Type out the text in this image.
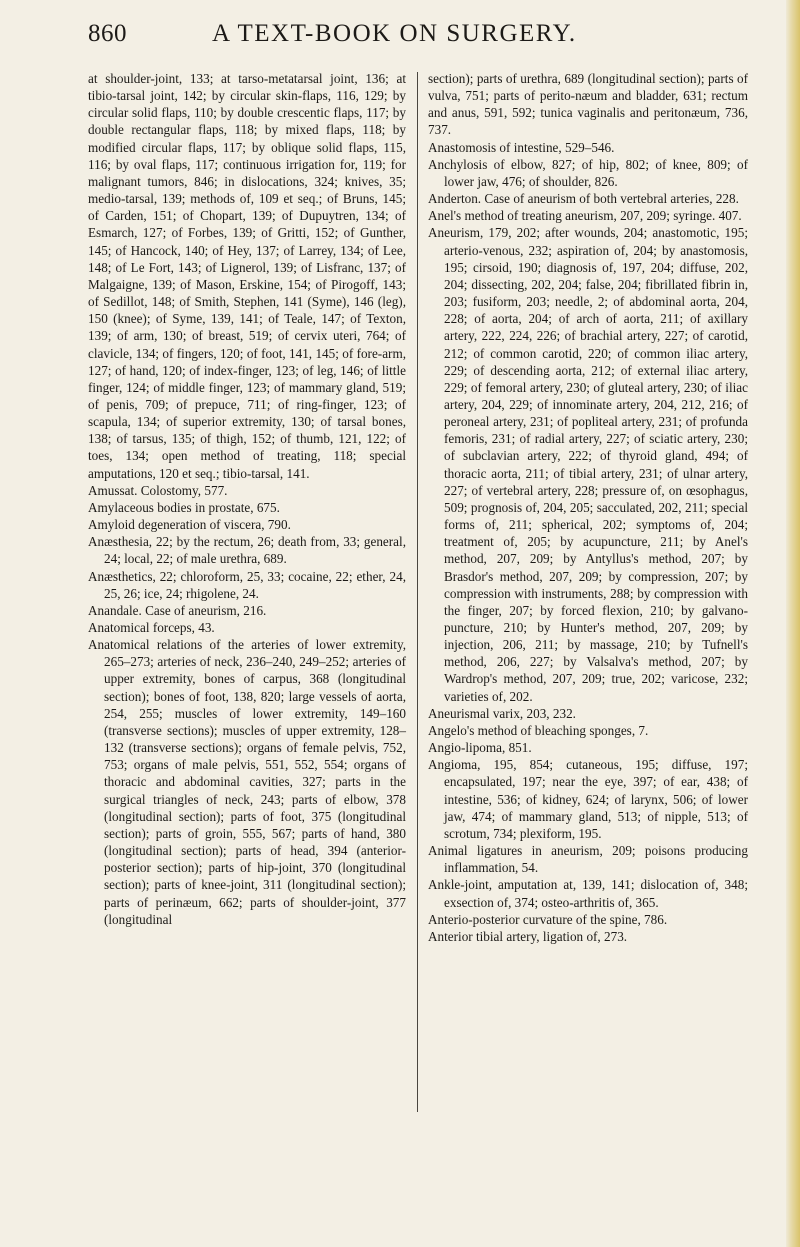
860	A TEXT-BOOK ON SURGERY.
at shoulder-joint, 133; at tarso-metatarsal joint, 136; at tibio-tarsal joint, 142; by circular skin-flaps, 116, 129; by circular solid flaps, 110; by double crescentic flaps, 117; by double rectangular flaps, 118; by mixed flaps, 118; by modified circular flaps, 117; by oblique solid flaps, 115, 116; by oval flaps, 117; continuous irrigation for, 119; for malignant tumors, 846; in dislocations, 324; knives, 35; medio-tarsal, 139; methods of, 109 et seq.; of Bruns, 145; of Carden, 151; of Chopart, 139; of Dupuytren, 134; of Esmarch, 127; of Forbes, 139; of Gritti, 152; of Gunther, 145; of Hancock, 140; of Hey, 137; of Larrey, 134; of Lee, 148; of Le Fort, 143; of Lignerol, 139; of Lisfranc, 137; of Malgaigne, 139; of Mason, Erskine, 154; of Pirogoff, 143; of Sedillot, 148; of Smith, Stephen, 141 (Syme), 146 (leg), 150 (knee); of Syme, 139, 141; of Teale, 147; of Texton, 139; of arm, 130; of breast, 519; of cervix uteri, 764; of clavicle, 134; of fingers, 120; of foot, 141, 145; of fore-arm, 127; of hand, 120; of index-finger, 123; of leg, 146; of little finger, 124; of middle finger, 123; of mammary gland, 519; of penis, 709; of prepuce, 711; of ring-finger, 123; of scapula, 134; of superior extremity, 130; of tarsal bones, 138; of tarsus, 135; of thigh, 152; of thumb, 121, 122; of toes, 134; open method of treating, 118; special amputations, 120 et seq.; tibio-tarsal, 141.
Amussat. Colostomy, 577.
Amylaceous bodies in prostate, 675.
Amyloid degeneration of viscera, 790.
Anæsthesia, 22; by the rectum, 26; death from, 33; general, 24; local, 22; of male urethra, 689.
Anæsthetics, 22; chloroform, 25, 33; cocaine, 22; ether, 24, 25, 26; ice, 24; rhigolene, 24.
Anandale. Case of aneurism, 216.
Anatomical forceps, 43.
Anatomical relations of the arteries of lower extremity, 265–273; arteries of neck, 236–240, 249–252; arteries of upper extremity, bones of carpus, 368 (longitudinal section); bones of foot, 138, 820; large vessels of aorta, 254, 255; muscles of lower extremity, 149–160 (transverse sections); muscles of upper extremity, 128–132 (transverse sections); organs of female pelvis, 752, 753; organs of male pelvis, 551, 552, 554; organs of thoracic and abdominal cavities, 327; parts in the surgical triangles of neck, 243; parts of elbow, 378 (longitudinal section); parts of foot, 375 (longitudinal section); parts of groin, 555, 567; parts of hand, 380 (longitudinal section); parts of head, 394 (anterior-posterior section); parts of hip-joint, 370 (longitudinal section); parts of knee-joint, 311 (longitudinal section); parts of perinæum, 662; parts of shoulder-joint, 377 (longitudinal
section); parts of urethra, 689 (longitudinal section); parts of vulva, 751; parts of perito-næum and bladder, 631; rectum and anus, 591, 592; tunica vaginalis and peritonæum, 736, 737.
Anastomosis of intestine, 529–546.
Anchylosis of elbow, 827; of hip, 802; of knee, 809; of lower jaw, 476; of shoulder, 826.
Anderton. Case of aneurism of both vertebral arteries, 228.
Anel's method of treating aneurism, 207, 209; syringe. 407.
Aneurism, 179, 202; after wounds, 204; anastomotic, 195; arterio-venous, 232; aspiration of, 204; by anastomosis, 195; cirsoid, 190; diagnosis of, 197, 204; diffuse, 202, 204; dissecting, 202, 204; false, 204; fibrillated fibrin in, 203; fusiform, 203; needle, 2; of abdominal aorta, 204, 228; of aorta, 204; of arch of aorta, 211; of axillary artery, 222, 224, 226; of brachial artery, 227; of carotid, 212; of common carotid, 220; of common iliac artery, 229; of descending aorta, 212; of external iliac artery, 229; of femoral artery, 230; of gluteal artery, 230; of iliac artery, 204, 229; of innominate artery, 204, 212, 216; of peroneal artery, 231; of popliteal artery, 231; of profunda femoris, 231; of radial artery, 227; of sciatic artery, 230; of subclavian artery, 222; of thyroid gland, 494; of thoracic aorta, 211; of tibial artery, 231; of ulnar artery, 227; of vertebral artery, 228; pressure of, on œsophagus, 509; prognosis of, 204, 205; sacculated, 202, 211; special forms of, 211; spherical, 202; symptoms of, 204; treatment of, 205; by acupuncture, 211; by Anel's method, 207, 209; by Antyllus's method, 207; by Brasdor's method, 207, 209; by compression, 207; by compression with instruments, 288; by compression with the finger, 207; by forced flexion, 210; by galvano-puncture, 210; by Hunter's method, 207, 209; by injection, 206, 211; by massage, 210; by Tufnell's method, 206, 227; by Valsalva's method, 207; by Wardrop's method, 207, 209; true, 202; varicose, 232; varieties of, 202.
Aneurismal varix, 203, 232.
Angelo's method of bleaching sponges, 7.
Angio-lipoma, 851.
Angioma, 195, 854; cutaneous, 195; diffuse, 197; encapsulated, 197; near the eye, 397; of ear, 438; of intestine, 536; of kidney, 624; of larynx, 506; of lower jaw, 474; of mammary gland, 513; of nipple, 513; of scrotum, 734; plexiform, 195.
Animal ligatures in aneurism, 209; poisons producing inflammation, 54.
Ankle-joint, amputation at, 139, 141; dislocation of, 348; exsection of, 374; osteo-arthritis of, 365.
Anterio-posterior curvature of the spine, 786.
Anterior tibial artery, ligation of, 273.
